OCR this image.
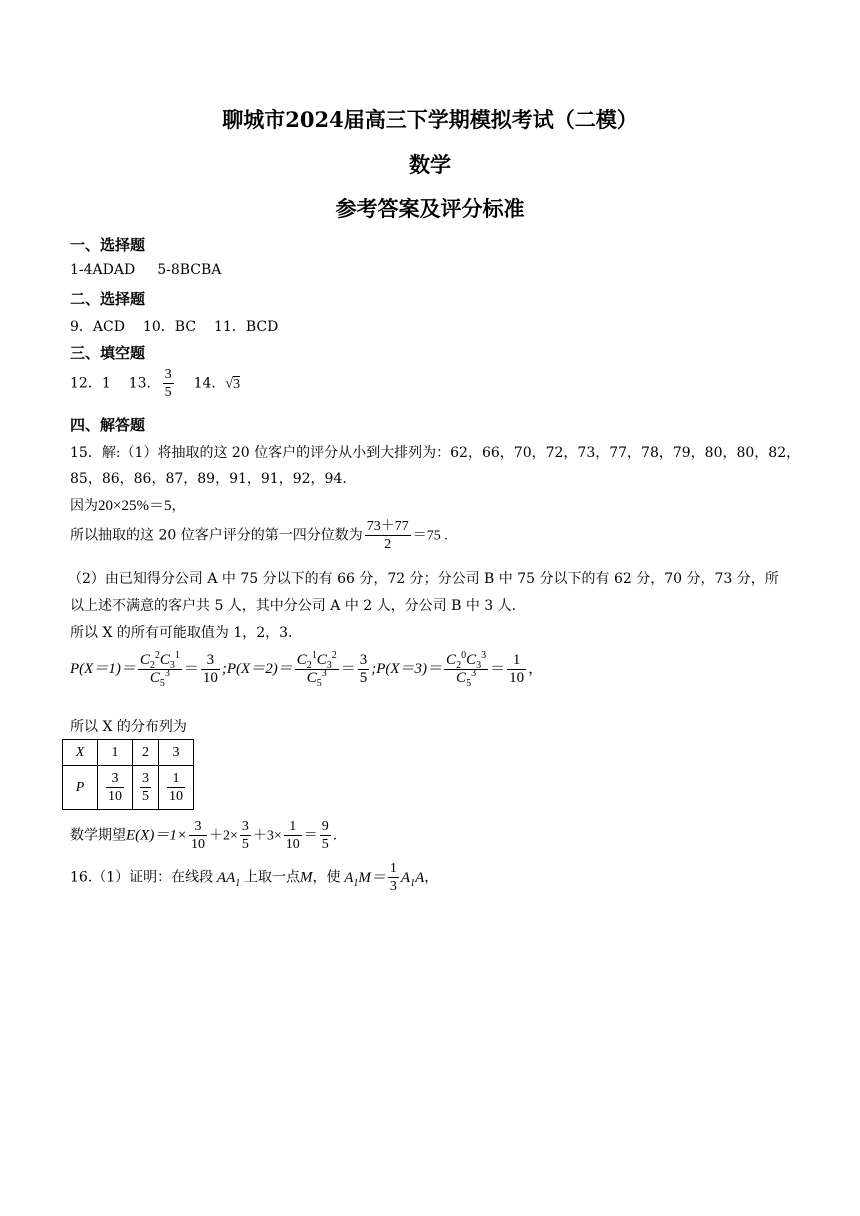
聊城市2024届高三下学期模拟考试（二模）
数学
参考答案及评分标准
一、选择题
1-4ADAD 5-8BCBA
二、选择题
9．ACD 10．BC 11．BCD
三、填空题
12．1 13． $\frac{3}{5} 14$．√3
四、解答题
15．解:（1）将抽取的这 20 位客户的评分从小到大排列为：62，66，70，72，73，77，78，79，80，80，82，
85，86，86，87，89，91，91，92，94.
因为20×25%＝5，
所以抽取的这 20 位客户评分的第一四分位数为 $\frac{73+77}{2} =75$ .
（2）由已知得分公司 A 中 75 分以下的有 66 分，72 分；分公司 B 中 75 分以下的有 62 分，70 分，73 分，所
以上述不满意的客户共 5 人，其中分公司 A 中 2 人，分公司 B 中 3 人.
所以 X 的所有可能取值为 1，2，3.
$P(X=1)= \frac{C_2^2C_3^1}{C_5^3} = \frac{3}{10}$ ;P(X＝2)＝ $\frac{C_2^1C_3^2}{C_5^3} = \frac{3}{5}$ ;P(X＝3)＝ $\frac{C_2^0C_3^3}{C_5^3} = \frac{1}{10}$ ，
所以 X 的分布列为
X	1	2	3
P	$\frac{3}{10}$	$\frac{3}{5}$	$\frac{1}{10}$
数学期望$E(X)=1\times \frac{3}{10} +2\times \frac{3}{5} +3\times \frac{1}{10} = \frac{9}{5}$ .
16.（1）证明：在线段 $AA_1$ 上取一点M，使 $A_1M= \frac{1}{3} A_1A$，
